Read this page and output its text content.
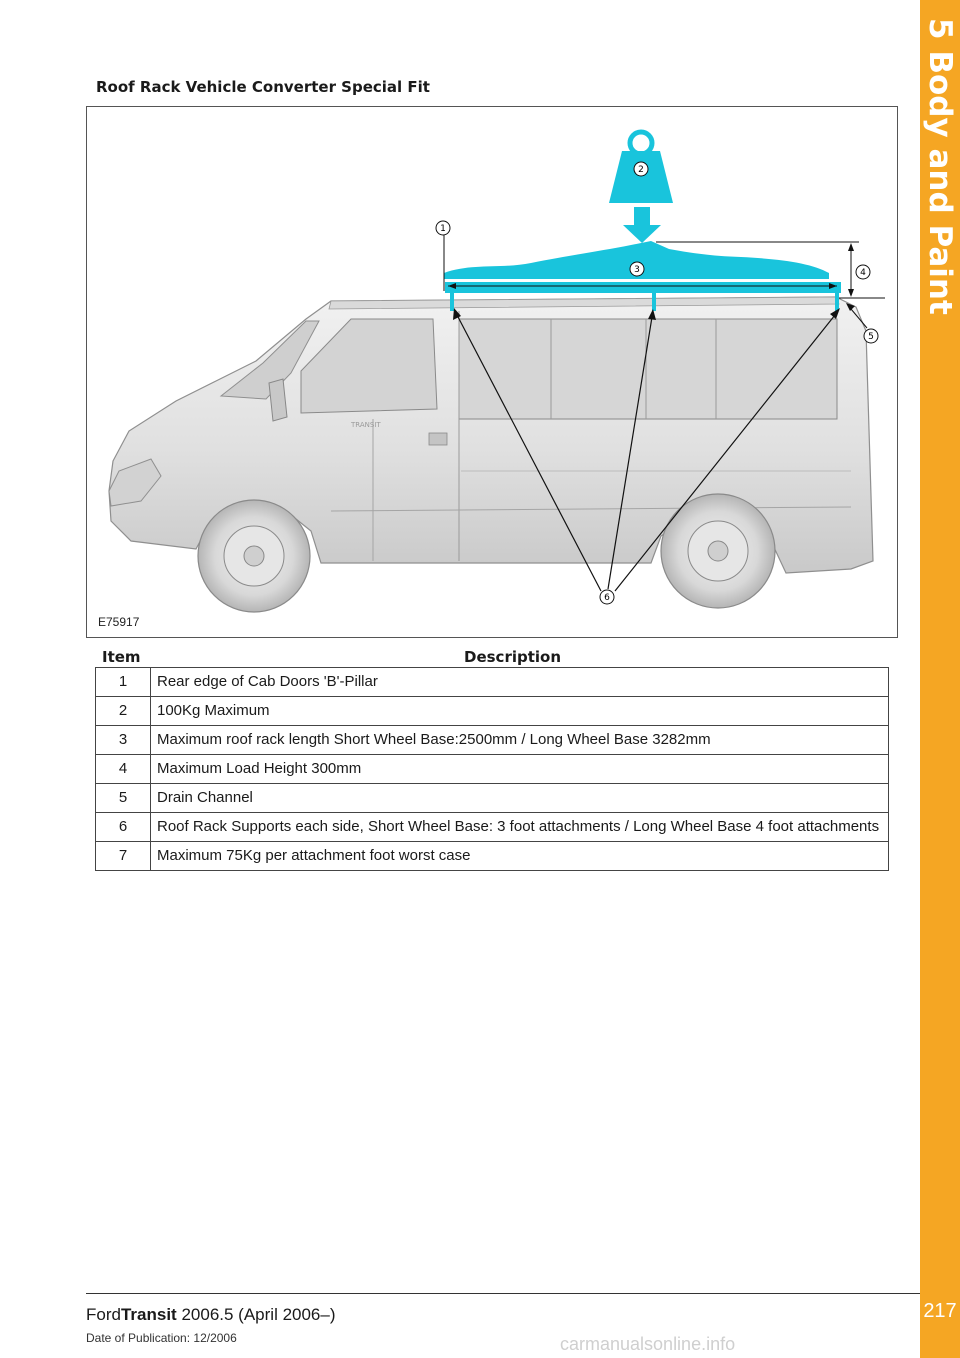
5 Body and Paint
217
Roof Rack Vehicle Converter Special Fit
TRANSIT
1
2
3	4
5
6
E75917
Item	Description
1	Rear edge of Cab Doors 'B'-Pillar
2	100Kg Maximum
3	Maximum roof rack length Short Wheel Base:2500mm / Long Wheel Base 3282mm
4	Maximum Load Height 300mm
5	Drain Channel
6	Roof Rack Supports each side, Short Wheel Base: 3 foot attachments / Long Wheel Base 4 foot attachments
7	Maximum 75Kg per attachment foot worst case
FordTransit 2006.5 (April 2006–)
Date of Publication: 12/2006	carmanualsonline.info
